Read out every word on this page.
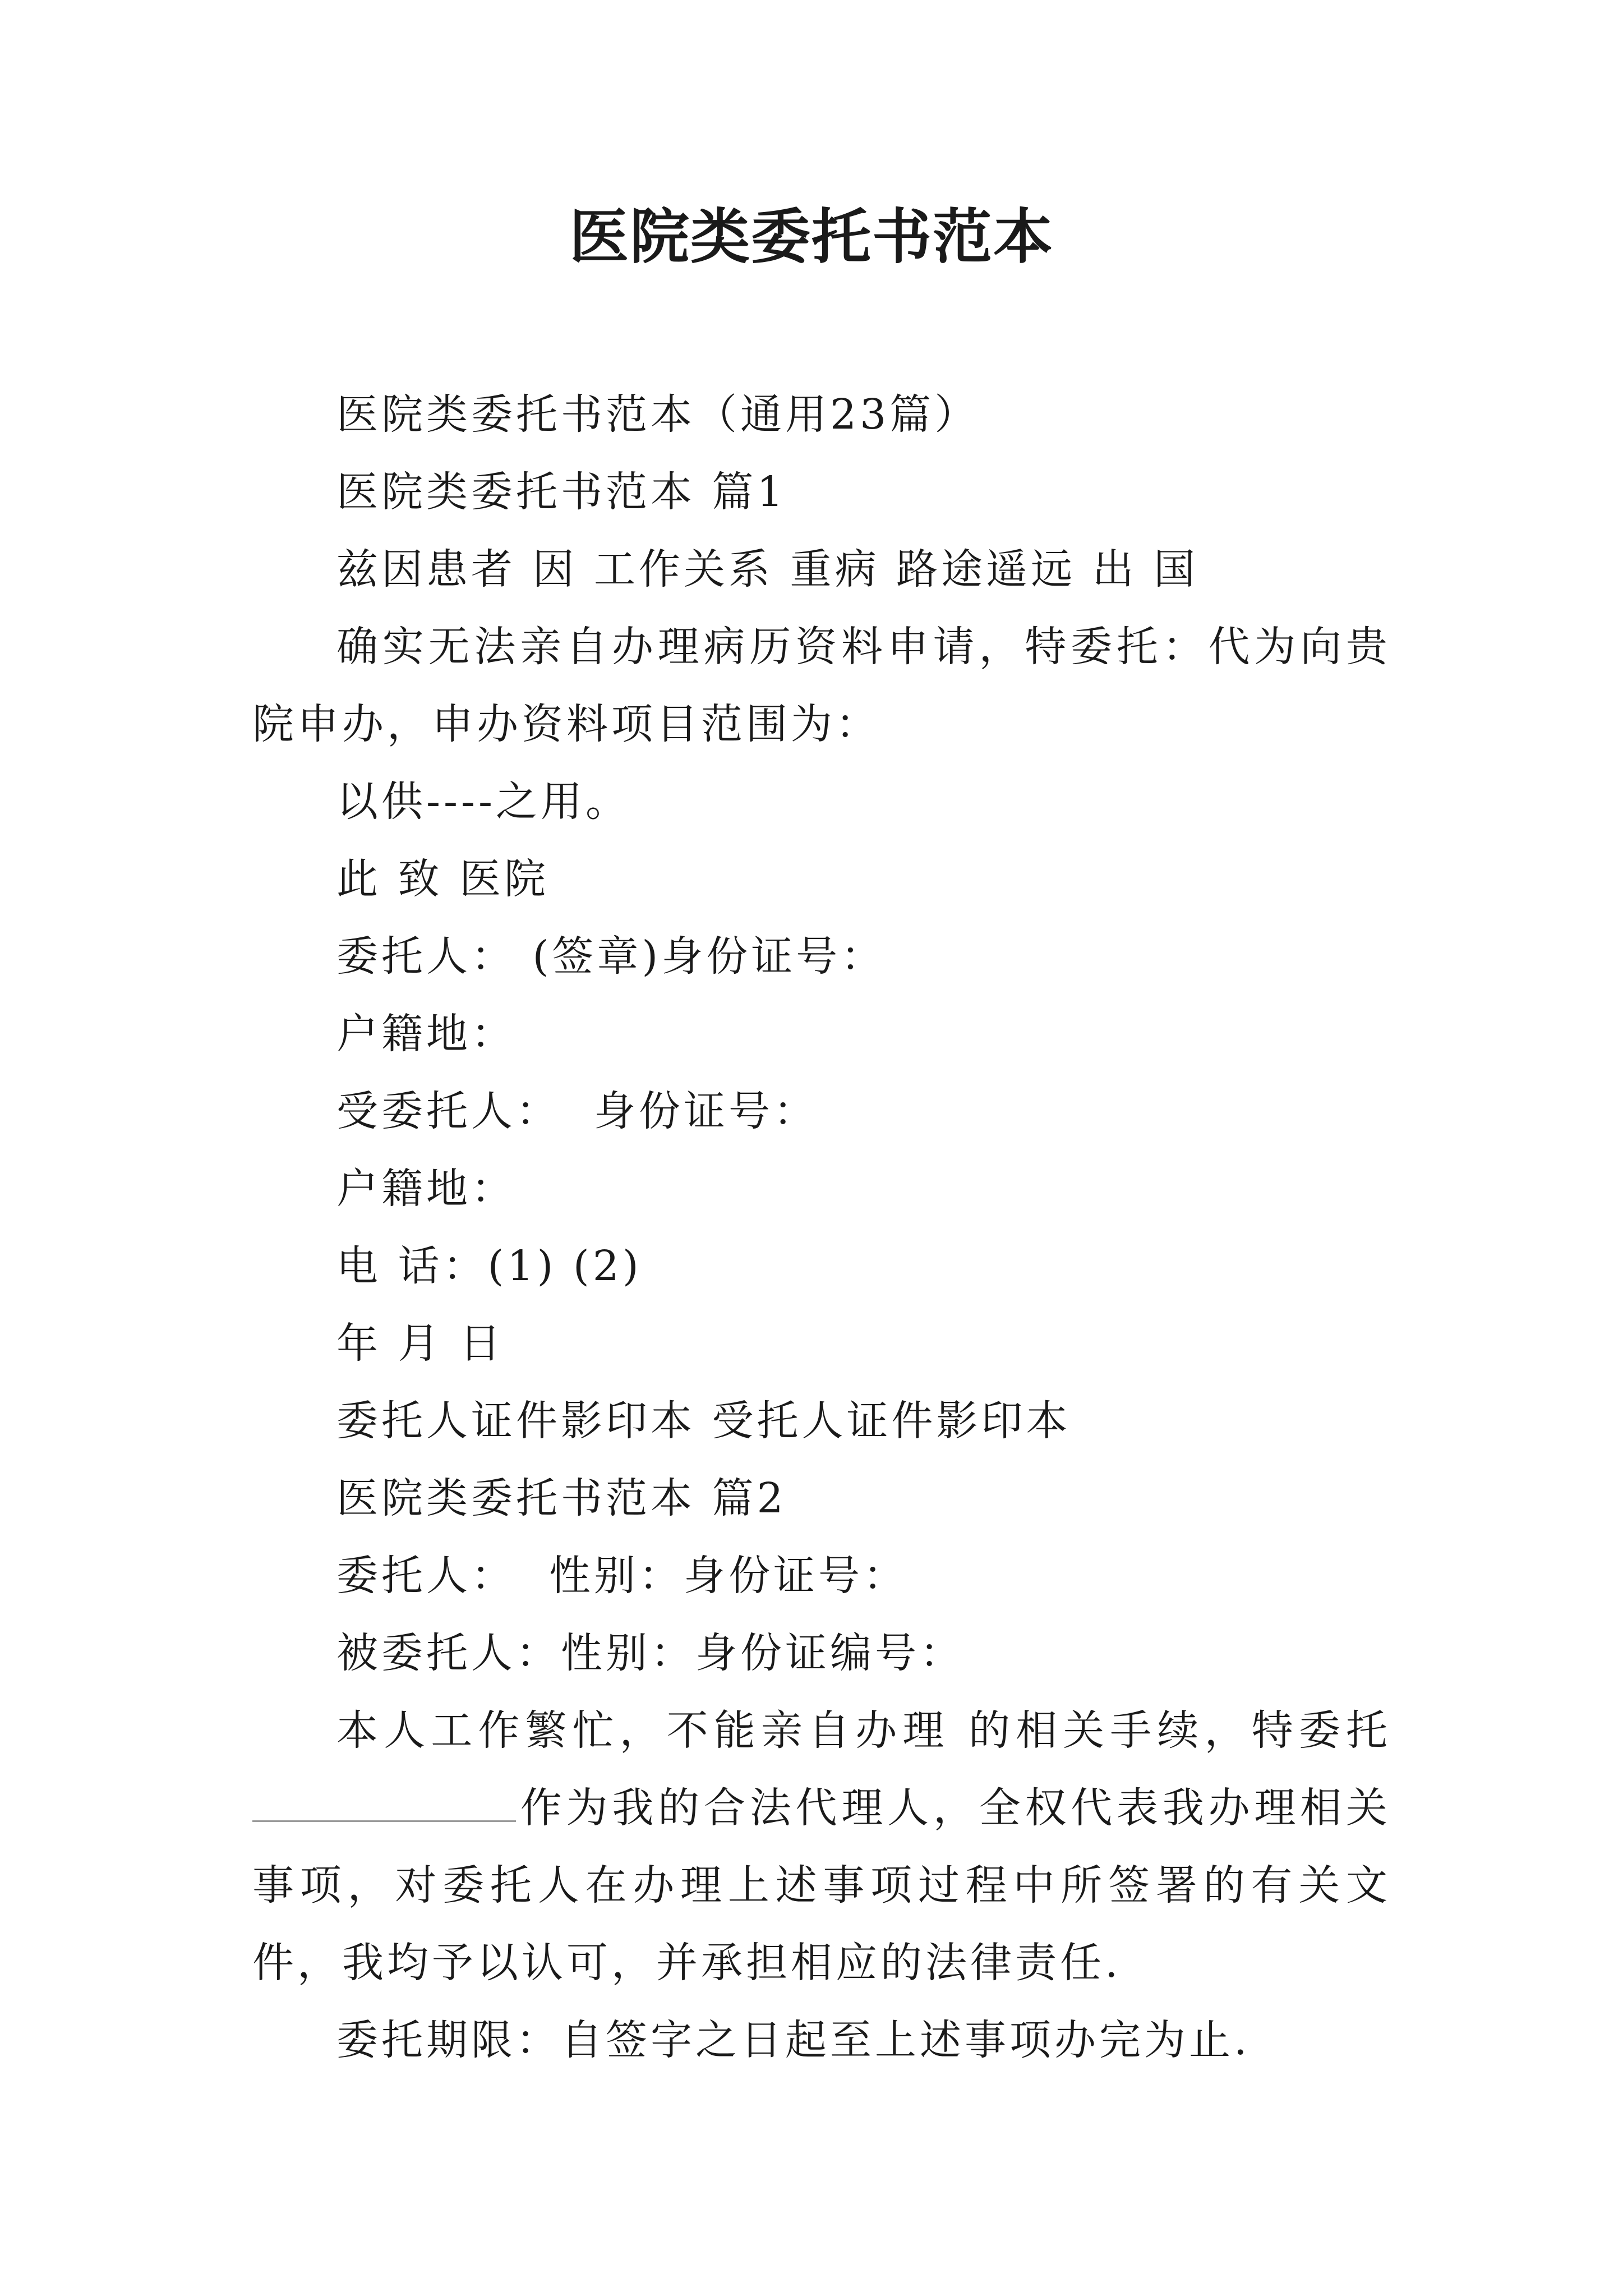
医院类委托书范本

医院类委托书范本（通用23篇）

医院类委托书范本 篇1

兹因患者 因 工作关系 重病 路途遥远 出 国

确实无法亲自办理病历资料申请，特委托：代为向贵院申办，申办资料项目范围为：

以供----之用。

此 致 医院

委托人： (签章)身份证号：

户籍地：

受委托人：  身份证号：

户籍地：

电 话：(1) (2)

年 月 日

委托人证件影印本 受托人证件影印本

医院类委托书范本 篇2

委托人：  性别：身份证号：

被委托人：性别：身份证编号：

本人工作繁忙，不能亲自办理 的相关手续，特委托作为我的合法代理人，全权代表我办理相关事项，对委托人在办理上述事项过程中所签署的有关文件，我均予以认可，并承担相应的法律责任.

委托期限：自签字之日起至上述事项办完为止.
